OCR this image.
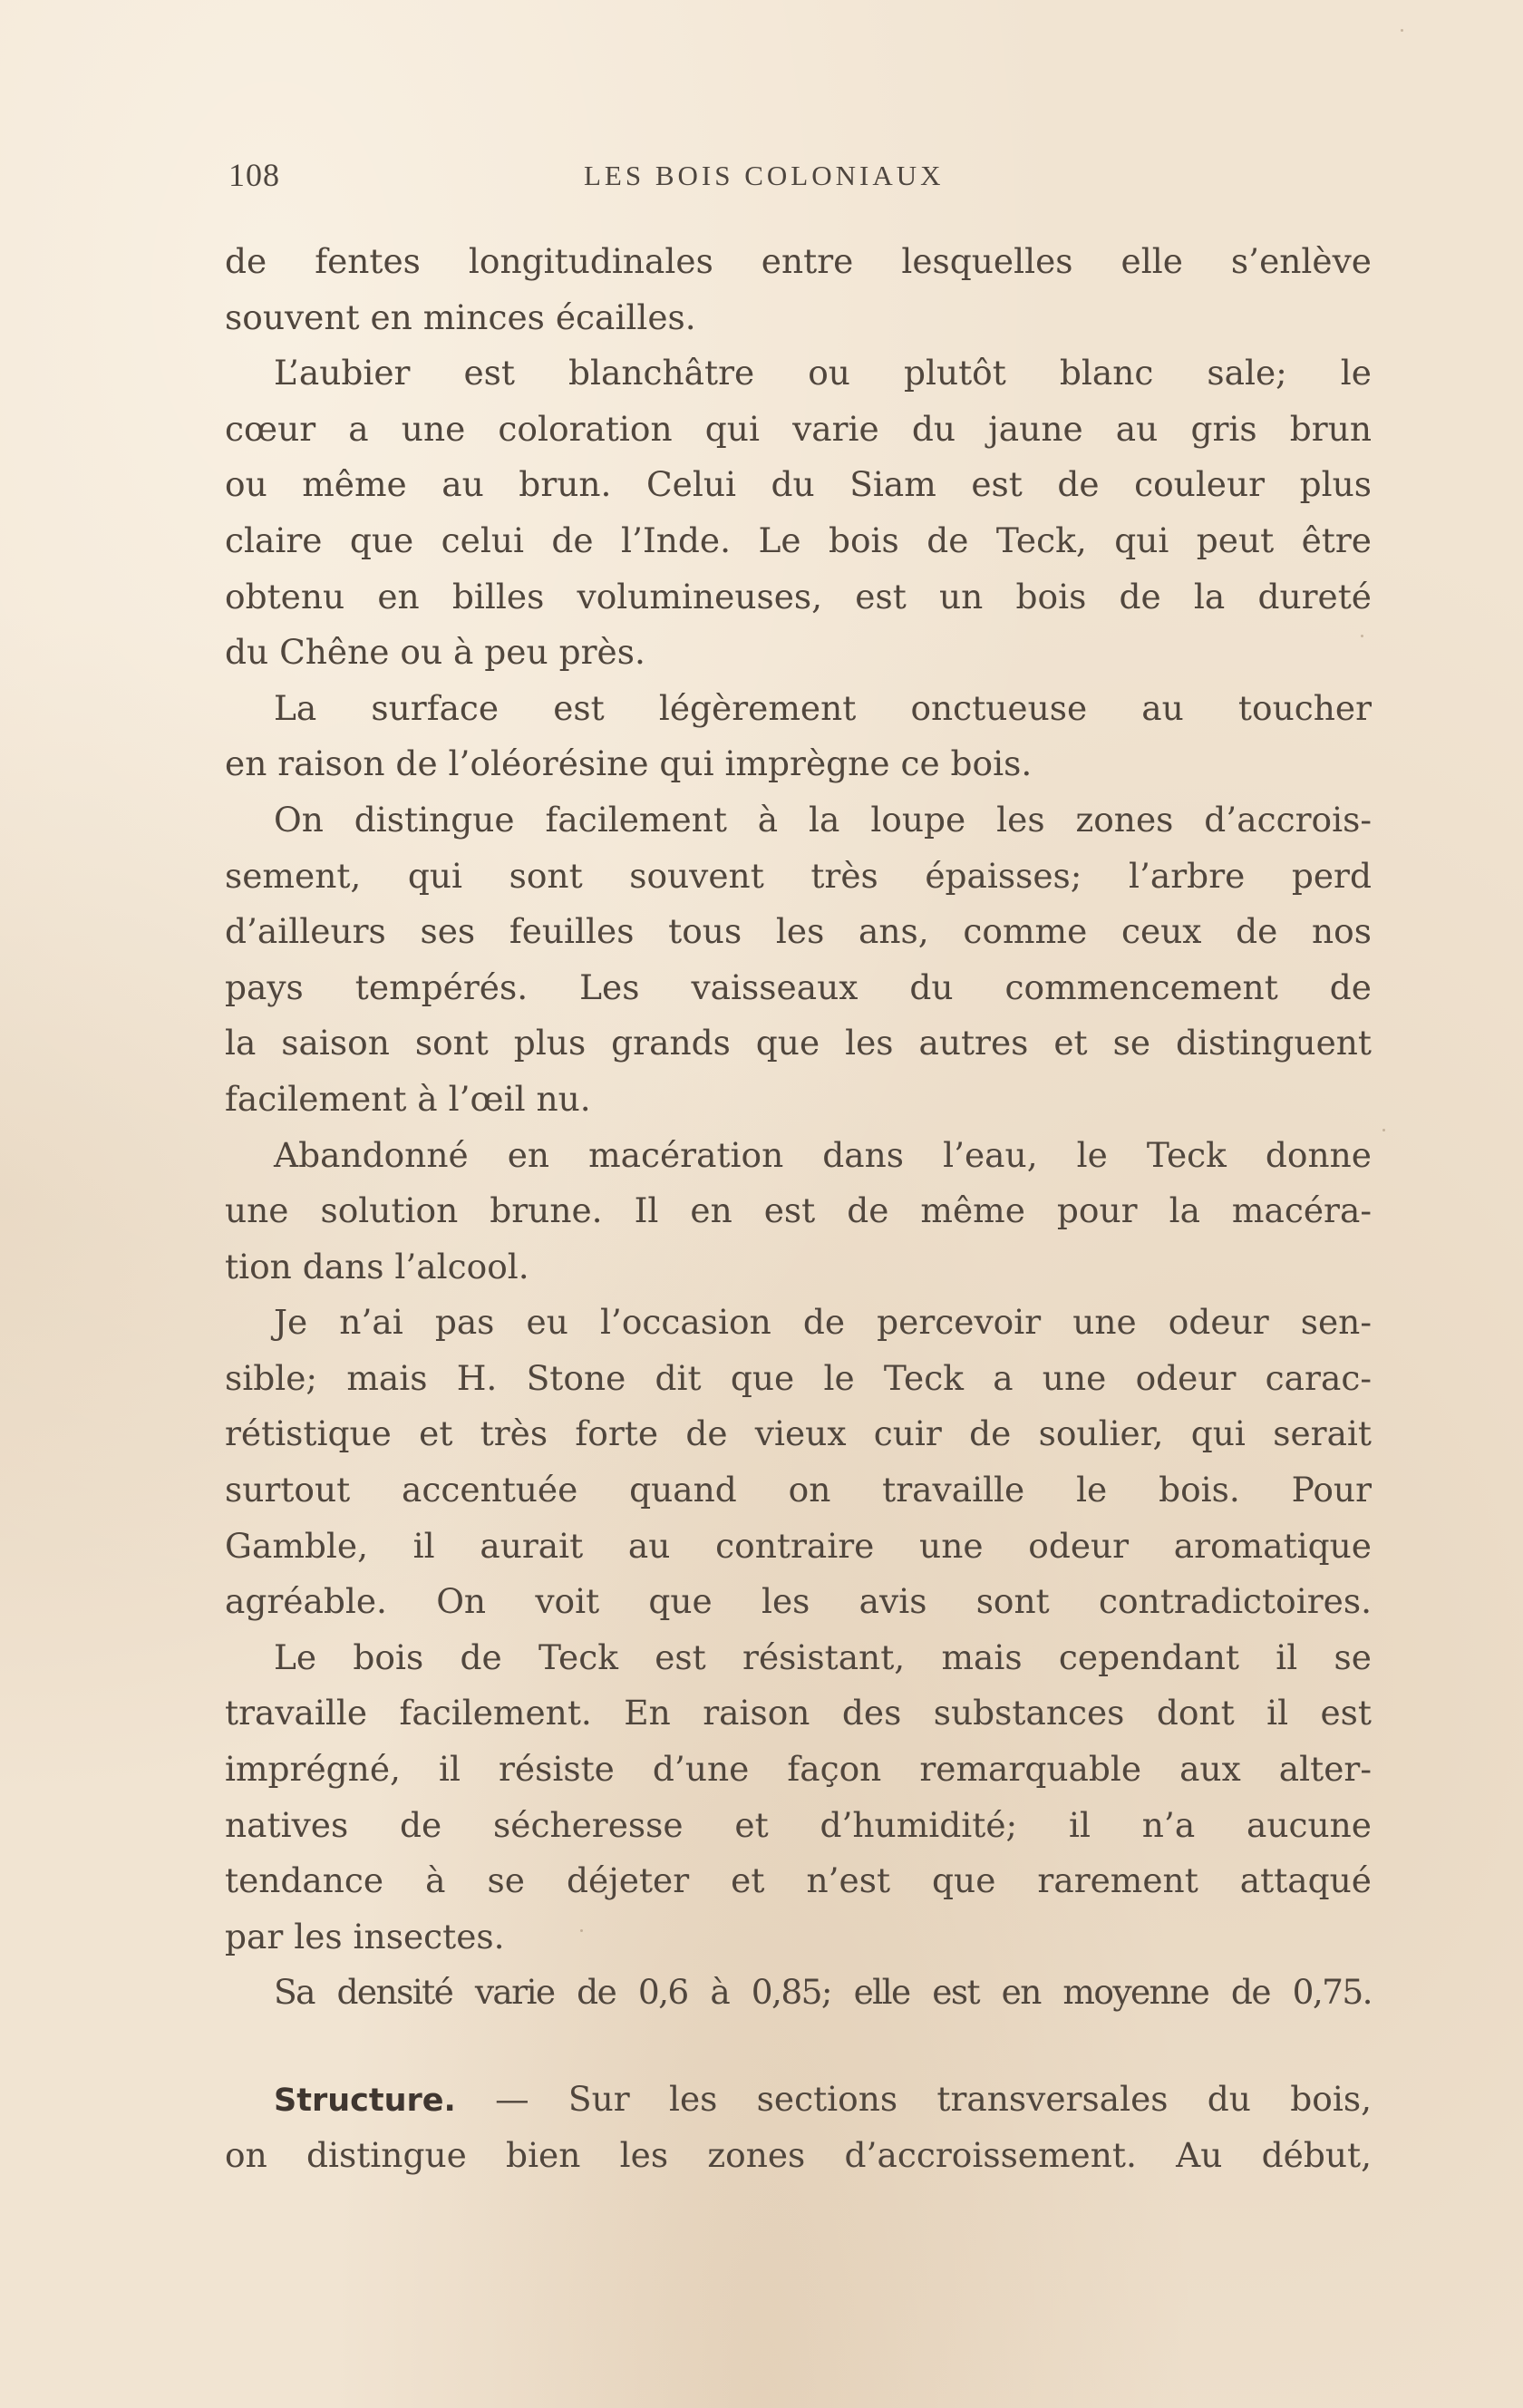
108	LES BOIS COLONIAUX
de fentes longitudinales entre lesquelles elle s’enlève
souvent en minces écailles.
L’aubier est blanchâtre ou plutôt blanc sale; le
cœur a une coloration qui varie du jaune au gris brun
ou même au brun. Celui du Siam est de couleur plus
claire que celui de l’Inde. Le bois de Teck, qui peut être
obtenu en billes volumineuses, est un bois de la dureté
du Chêne ou à peu près.
La surface est légèrement onctueuse au toucher
en raison de l’oléorésine qui imprègne ce bois.
On distingue facilement à la loupe les zones d’accrois-
sement, qui sont souvent très épaisses; l’arbre perd
d’ailleurs ses feuilles tous les ans, comme ceux de nos
pays tempérés. Les vaisseaux du commencement de
la saison sont plus grands que les autres et se distinguent
facilement à l’œil nu.
Abandonné en macération dans l’eau, le Teck donne
une solution brune. Il en est de même pour la macéra-
tion dans l’alcool.
Je n’ai pas eu l’occasion de percevoir une odeur sen-
sible; mais H. Stone dit que le Teck a une odeur carac-
rétistique et très forte de vieux cuir de soulier, qui serait
surtout accentuée quand on travaille le bois. Pour
Gamble, il aurait au contraire une odeur aromatique
agréable. On voit que les avis sont contradictoires.
Le bois de Teck est résistant, mais cependant il se
travaille facilement. En raison des substances dont il est
imprégné, il résiste d’une façon remarquable aux alter-
natives de sécheresse et d’humidité; il n’a aucune
tendance à se déjeter et n’est que rarement attaqué
par les insectes.
Sa densité varie de 0,6 à 0,85; elle est en moyenne de 0,75.
Structure. — Sur les sections transversales du bois,
on distingue bien les zones d’accroissement. Au début,
